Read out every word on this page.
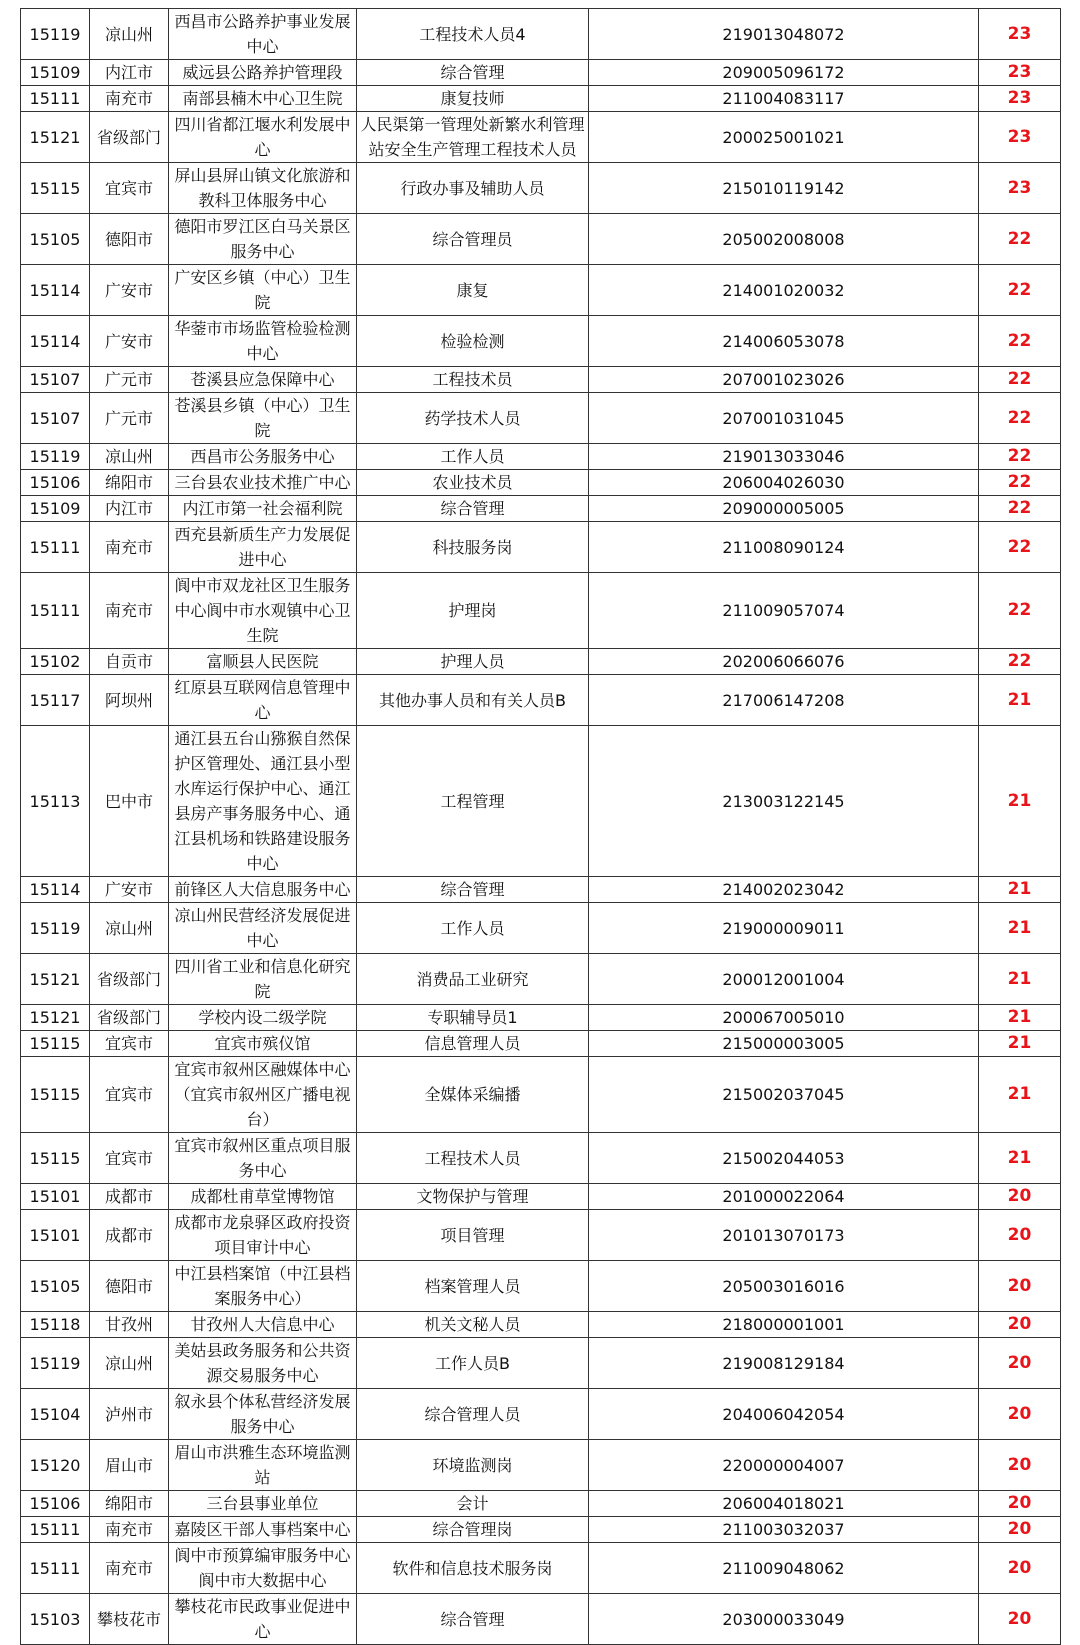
15119	凉山州	西昌市公路养护事业发展中心	工程技术人员4	219013048072	23
15109	内江市	威远县公路养护管理段	综合管理	209005096172	23
15111	南充市	南部县楠木中心卫生院	康复技师	211004083117	23
15121	省级部门	四川省都江堰水利发展中心	人民渠第一管理处新繁水利管理站安全生产管理工程技术人员	200025001021	23
15115	宜宾市	屏山县屏山镇文化旅游和教科卫体服务中心	行政办事及辅助人员	215010119142	23
15105	德阳市	德阳市罗江区白马关景区服务中心	综合管理员	205002008008	22
15114	广安市	广安区乡镇（中心）卫生院	康复	214001020032	22
15114	广安市	华蓥市市场监管检验检测中心	检验检测	214006053078	22
15107	广元市	苍溪县应急保障中心	工程技术员	207001023026	22
15107	广元市	苍溪县乡镇（中心）卫生院	药学技术人员	207001031045	22
15119	凉山州	西昌市公务服务中心	工作人员	219013033046	22
15106	绵阳市	三台县农业技术推广中心	农业技术员	206004026030	22
15109	内江市	内江市第一社会福利院	综合管理	209000005005	22
15111	南充市	西充县新质生产力发展促进中心	科技服务岗	211008090124	22
15111	南充市	阆中市双龙社区卫生服务中心阆中市水观镇中心卫生院	护理岗	211009057074	22
15102	自贡市	富顺县人民医院	护理人员	202006066076	22
15117	阿坝州	红原县互联网信息管理中心	其他办事人员和有关人员B	217006147208	21
15113	巴中市	通江县五台山猕猴自然保护区管理处、通江县小型水库运行保护中心、通江县房产事务服务中心、通江县机场和铁路建设服务中心	工程管理	213003122145	21
15114	广安市	前锋区人大信息服务中心	综合管理	214002023042	21
15119	凉山州	凉山州民营经济发展促进中心	工作人员	219000009011	21
15121	省级部门	四川省工业和信息化研究院	消费品工业研究	200012001004	21
15121	省级部门	学校内设二级学院	专职辅导员1	200067005010	21
15115	宜宾市	宜宾市殡仪馆	信息管理人员	215000003005	21
15115	宜宾市	宜宾市叙州区融媒体中心（宜宾市叙州区广播电视台）	全媒体采编播	215002037045	21
15115	宜宾市	宜宾市叙州区重点项目服务中心	工程技术人员	215002044053	21
15101	成都市	成都杜甫草堂博物馆	文物保护与管理	201000022064	20
15101	成都市	成都市龙泉驿区政府投资项目审计中心	项目管理	201013070173	20
15105	德阳市	中江县档案馆（中江县档案服务中心）	档案管理人员	205003016016	20
15118	甘孜州	甘孜州人大信息中心	机关文秘人员	218000001001	20
15119	凉山州	美姑县政务服务和公共资源交易服务中心	工作人员B	219008129184	20
15104	泸州市	叙永县个体私营经济发展服务中心	综合管理人员	204006042054	20
15120	眉山市	眉山市洪雅生态环境监测站	环境监测岗	220000004007	20
15106	绵阳市	三台县事业单位	会计	206004018021	20
15111	南充市	嘉陵区干部人事档案中心	综合管理岗	211003032037	20
15111	南充市	阆中市预算编审服务中心阆中市大数据中心	软件和信息技术服务岗	211009048062	20
15103	攀枝花市	攀枝花市民政事业促进中心	综合管理	203000033049	20
